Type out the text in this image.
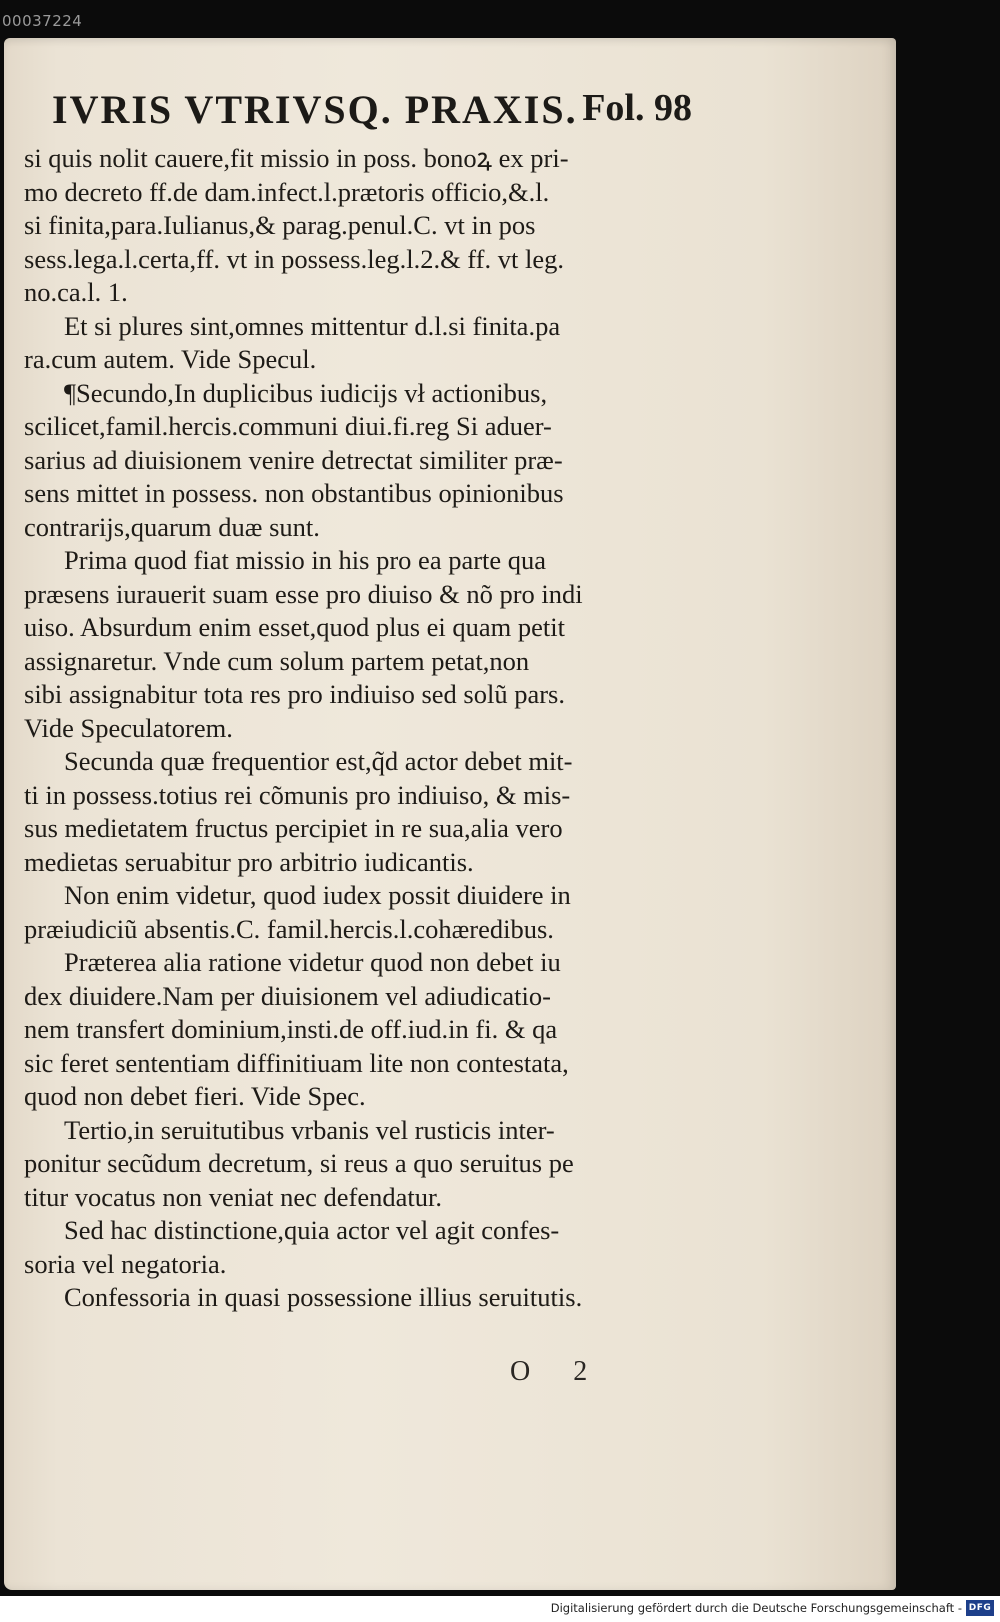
00037224
IVRIS VTRIVSQ. PRAXIS. Fol. 98
si quis nolit cauere,fit missio in poss. bonoꝝ ex pri-
mo decreto ff.de dam.infect.l.prætoris officio,&.l.
si finita,para.Iulianus,& parag.penul.C. vt in pos
sess.lega.l.certa,ff. vt in possess.leg.l.2.& ff. vt leg.
no.ca.l. 1.
Et si plures sint,omnes mittentur d.l.si finita.pa
ra.cum autem. Vide Specul.
¶Secundo,In duplicibus iudicijs vł actionibus,
scilicet,famil.hercis.communi diui.fi.reg Si aduer-
sarius ad diuisionem venire detrectat similiter præ-
sens mittet in possess. non obstantibus opinionibus
contrarijs,quarum duæ sunt.
Prima quod fiat missio in his pro ea parte qua
præsens iurauerit suam esse pro diuiso & nõ pro indi
uiso. Absurdum enim esset,quod plus ei quam petit
assignaretur. Vnde cum solum partem petat,non
sibi assignabitur tota res pro indiuiso sed solũ pars.
Vide Speculatorem.
Secunda quæ frequentior est,q̃d actor debet mit-
ti in possess.totius rei cõmunis pro indiuiso, & mis-
sus medietatem fructus percipiet in re sua,alia vero
medietas seruabitur pro arbitrio iudicantis.
Non enim videtur, quod iudex possit diuidere in
præiudiciũ absentis.C. famil.hercis.l.cohæredibus.
Præterea alia ratione videtur quod non debet iu
dex diuidere.Nam per diuisionem vel adiudicatio-
nem transfert dominium,insti.de off.iud.in fi. & qa
sic feret sententiam diffinitiuam lite non contestata,
quod non debet fieri. Vide Spec.
Tertio,in seruitutibus vrbanis vel rusticis inter-
ponitur secũdum decretum, si reus a quo seruitus pe
titur vocatus non veniat nec defendatur.
Sed hac distinctione,quia actor vel agit confes-
soria vel negatoria.
Confessoria in quasi possessione illius seruitutis.
O 2
Digitalisierung gefördert durch die Deutsche Forschungsgemeinschaft - DFG
